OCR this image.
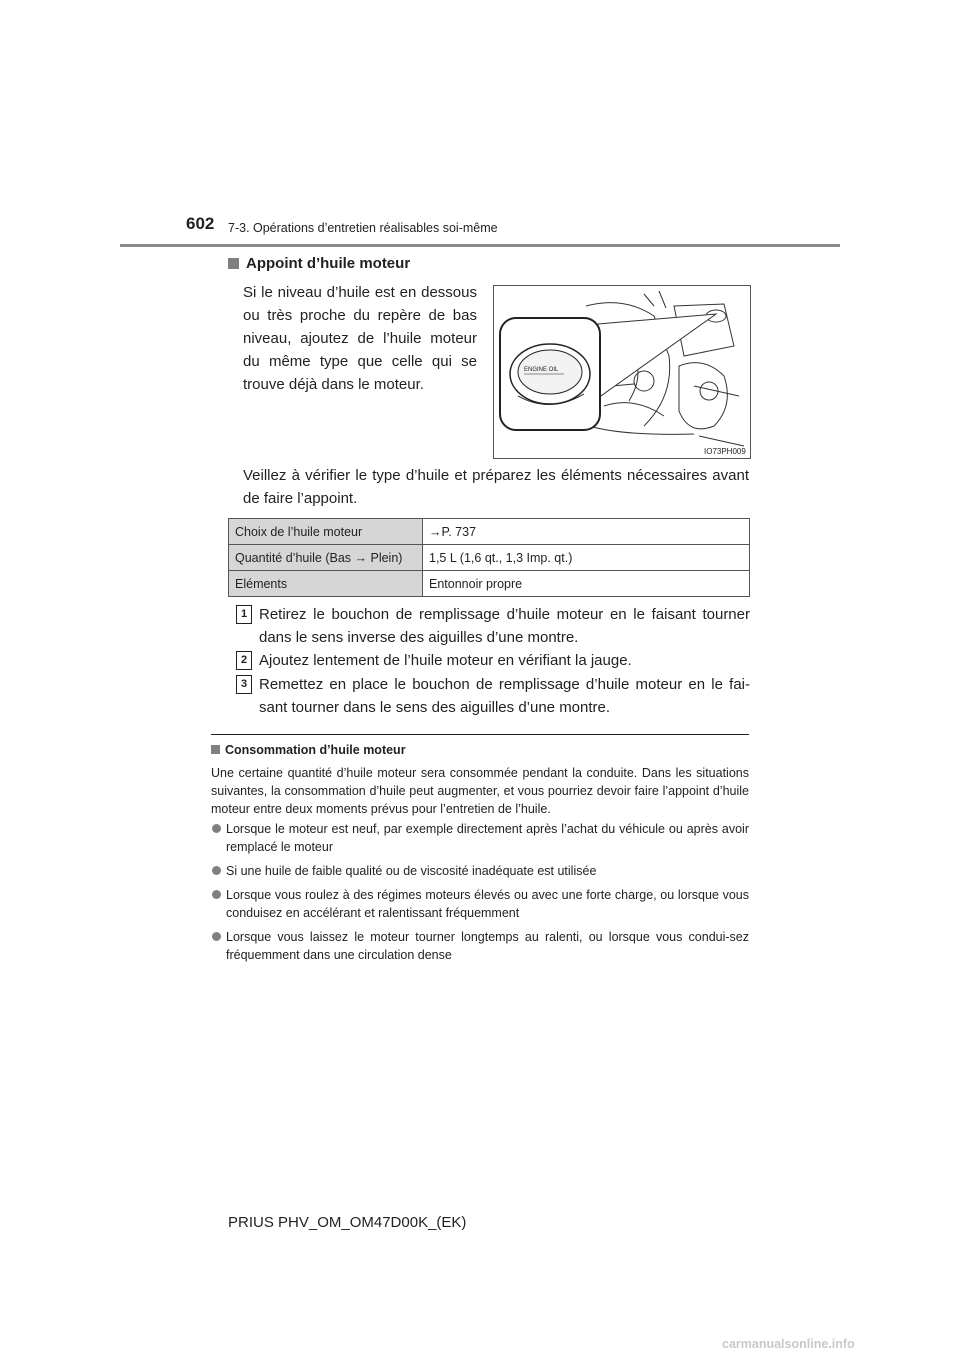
602 7-3. Opérations d’entretien réalisables soi-même
Appoint d’huile moteur

Si le niveau d’huile est en dessous ou très proche du repère de bas niveau, ajoutez de l’huile moteur du même type que celle qui se trouve déjà dans le moteur.

ENGINE OIL
IO73PH009

Veillez à vérifier le type d’huile et préparez les éléments nécessaires avant de faire l’appoint.

Choix de l’huile moteur	→P. 737
Quantité d’huile (Bas → Plein)	1,5 L (1,6 qt., 1,3 Imp. qt.)
Eléments	Entonnoir propre
1 Retirez le bouchon de remplissage d’huile moteur en le faisant tourner dans le sens inverse des aiguilles d’une montre.
2 Ajoutez lentement de l’huile moteur en vérifiant la jauge.
3 Remettez en place le bouchon de remplissage d’huile moteur en le fai-sant tourner dans le sens des aiguilles d’une montre.
Consommation d’huile moteur

Une certaine quantité d’huile moteur sera consommée pendant la conduite. Dans les situations suivantes, la consommation d’huile peut augmenter, et vous pourriez devoir faire l’appoint d’huile moteur entre deux moments prévus pour l’entretien de l’huile.

Lorsque le moteur est neuf, par exemple directement après l’achat du véhicule ou après avoir remplacé le moteur
Si une huile de faible qualité ou de viscosité inadéquate est utilisée
Lorsque vous roulez à des régimes moteurs élevés ou avec une forte charge, ou lorsque vous conduisez en accélérant et ralentissant fréquemment
Lorsque vous laissez le moteur tourner longtemps au ralenti, ou lorsque vous condui-sez fréquemment dans une circulation dense
PRIUS PHV_OM_OM47D00K_(EK)
carmanualsonline.info
